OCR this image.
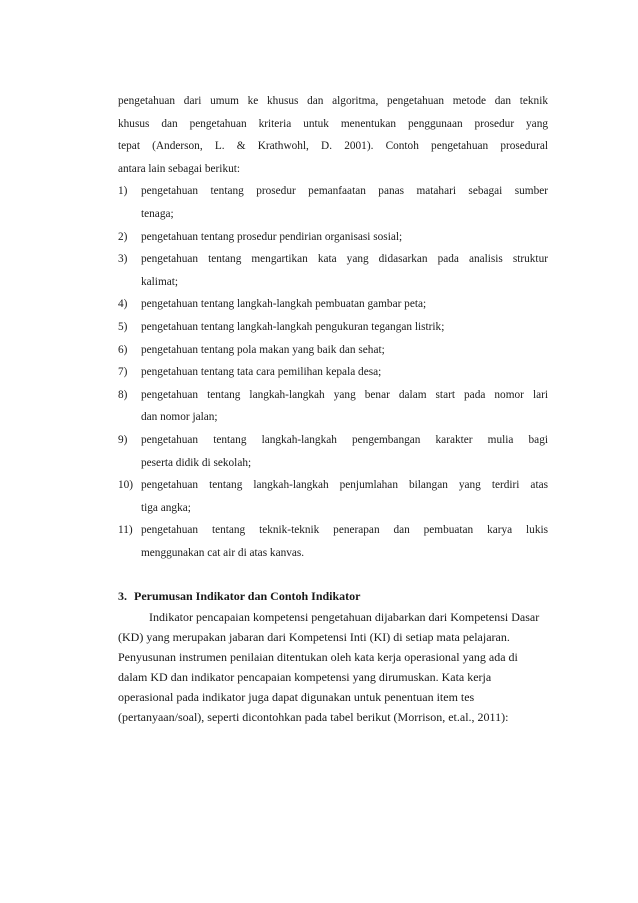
pengetahuan dari umum ke khusus dan algoritma, pengetahuan metode dan teknik

khusus dan pengetahuan kriteria untuk menentukan penggunaan prosedur yang

tepat (Anderson, L. & Krathwohl, D. 2001). Contoh pengetahuan prosedural

antara lain sebagai berikut:

1) pengetahuan tentang prosedur pemanfaatan panas matahari sebagai sumber
tenaga;
2) pengetahuan tentang prosedur pendirian organisasi sosial;
3) pengetahuan tentang mengartikan kata yang didasarkan pada analisis struktur
kalimat;
4) pengetahuan tentang langkah-langkah pembuatan gambar peta;
5) pengetahuan tentang langkah-langkah pengukuran tegangan listrik;
6) pengetahuan tentang pola makan yang baik dan sehat;
7) pengetahuan tentang tata cara pemilihan kepala desa;
8) pengetahuan tentang langkah-langkah yang benar dalam start pada nomor lari
dan nomor jalan;
9) pengetahuan tentang langkah-langkah pengembangan karakter mulia bagi
peserta didik di sekolah;
10) pengetahuan tentang langkah-langkah penjumlahan bilangan yang terdiri atas
tiga angka;
11) pengetahuan tentang teknik-teknik penerapan dan pembuatan karya lukis
menggunakan cat air di atas kanvas.
3. Perumusan Indikator dan Contoh Indikator

Indikator pencapaian kompetensi pengetahuan dijabarkan dari Kompetensi Dasar (KD) yang merupakan jabaran dari Kompetensi Inti (KI) di setiap mata pelajaran. Penyusunan instrumen penilaian ditentukan oleh kata kerja operasional yang ada di dalam KD dan indikator pencapaian kompetensi yang dirumuskan. Kata kerja operasional pada indikator juga dapat digunakan untuk penentuan item tes (pertanyaan/soal), seperti dicontohkan pada tabel berikut (Morrison, et.al., 2011):
